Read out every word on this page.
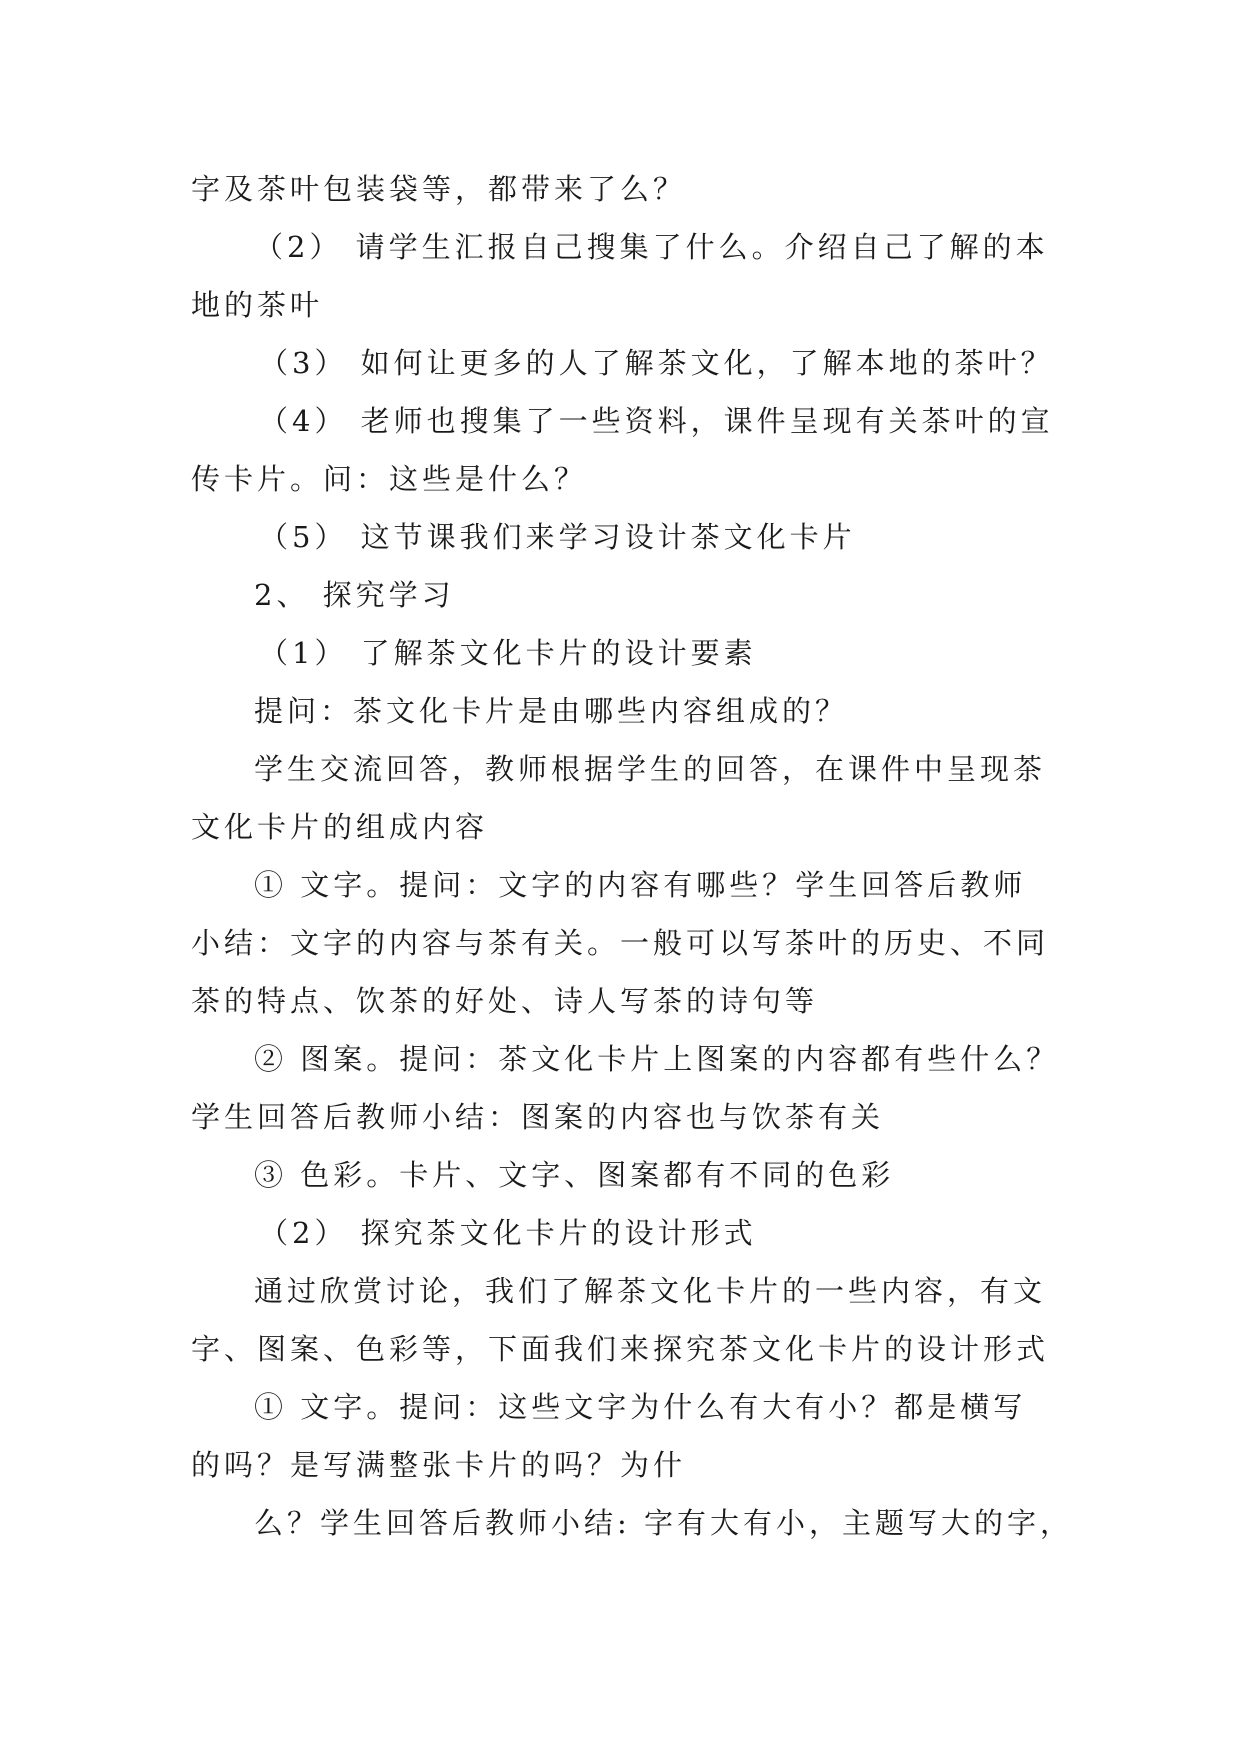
字及茶叶包装袋等，都带来了么？
（2） 请学生汇报自己搜集了什么。介绍自己了解的本
地的茶叶
（3） 如何让更多的人了解茶文化，了解本地的茶叶？
（4） 老师也搜集了一些资料，课件呈现有关茶叶的宣
传卡片。问：这些是什么？
（5） 这节课我们来学习设计茶文化卡片
2、 探究学习
（1） 了解茶文化卡片的设计要素
提问：茶文化卡片是由哪些内容组成的？
学生交流回答，教师根据学生的回答，在课件中呈现茶
文化卡片的组成内容
① 文字。提问：文字的内容有哪些？学生回答后教师
小结：文字的内容与茶有关。一般可以写茶叶的历史、不同
茶的特点、饮茶的好处、诗人写茶的诗句等
② 图案。提问：茶文化卡片上图案的内容都有些什么？
学生回答后教师小结：图案的内容也与饮茶有关
③ 色彩。卡片、文字、图案都有不同的色彩
（2） 探究茶文化卡片的设计形式
通过欣赏讨论，我们了解茶文化卡片的一些内容，有文
字、图案、色彩等，下面我们来探究茶文化卡片的设计形式
① 文字。提问：这些文字为什么有大有小？都是横写
的吗？是写满整张卡片的吗？为什
么？学生回答后教师小结: 字有大有小，主题写大的字，
